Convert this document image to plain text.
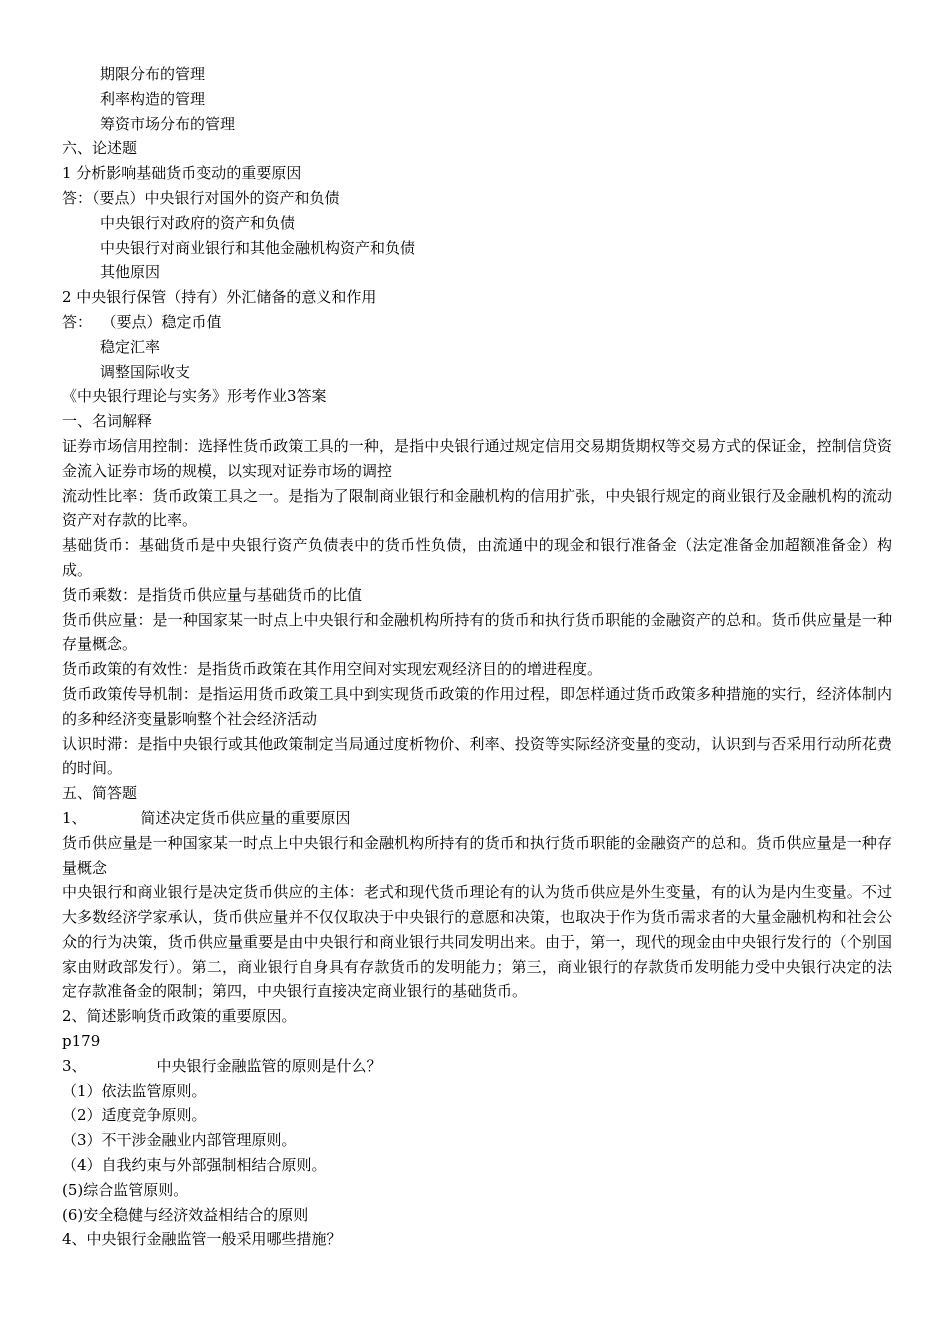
期限分布的管理
利率构造的管理
筹资市场分布的管理
六、论述题
1 分析影响基础货币变动的重要原因
答：（要点）中央银行对国外的资产和负债
中央银行对政府的资产和负债
中央银行对商业银行和其他金融机构资产和负债
其他原因
2 中央银行保管（持有）外汇储备的意义和作用
答：  （要点）稳定币值
稳定汇率
调整国际收支
《中央银行理论与实务》形考作业3答案
一、名词解释
证券市场信用控制：选择性货币政策工具的一种，是指中央银行通过规定信用交易期货期权等交易方式的保证金，控制信贷资金流入证券市场的规模，以实现对证券市场的调控
流动性比率：货币政策工具之一。是指为了限制商业银行和金融机构的信用扩张，中央银行规定的商业银行及金融机构的流动资产对存款的比率。
基础货币：基础货币是中央银行资产负债表中的货币性负债，由流通中的现金和银行准备金（法定准备金加超额准备金）构成。
货币乘数：是指货币供应量与基础货币的比值
货币供应量：是一种国家某一时点上中央银行和金融机构所持有的货币和执行货币职能的金融资产的总和。货币供应量是一种存量概念。
货币政策的有效性：是指货币政策在其作用空间对实现宏观经济目的的增进程度。
货币政策传导机制：是指运用货币政策工具中到实现货币政策的作用过程，即怎样通过货币政策多种措施的实行，经济体制内的多种经济变量影响整个社会经济活动
认识时滞：是指中央银行或其他政策制定当局通过度析物价、利率、投资等实际经济变量的变动，认识到与否采用行动所花费的时间。
五、简答题
1、	简述决定货币供应量的重要原因
货币供应量是一种国家某一时点上中央银行和金融机构所持有的货币和执行货币职能的金融资产的总和。货币供应量是一种存量概念
中央银行和商业银行是决定货币供应的主体：老式和现代货币理论有的认为货币供应是外生变量，有的认为是内生变量。不过大多数经济学家承认，货币供应量并不仅仅取决于中央银行的意愿和决策，也取决于作为货币需求者的大量金融机构和社会公众的行为决策，货币供应量重要是由中央银行和商业银行共同发明出来。由于，第一，现代的现金由中央银行发行的（个别国家由财政部发行）。第二，商业银行自身具有存款货币的发明能力；第三，商业银行的存款货币发明能力受中央银行决定的法定存款准备金的限制；第四，中央银行直接决定商业银行的基础货币。
2、简述影响货币政策的重要原因。
p179
3、	中央银行金融监管的原则是什么？
（1）依法监管原则。
（2）适度竞争原则。
（3）不干涉金融业内部管理原则。
（4）自我约束与外部强制相结合原则。
(5)综合监管原则。
(6)安全稳健与经济效益相结合的原则
4、中央银行金融监管一般采用哪些措施？
